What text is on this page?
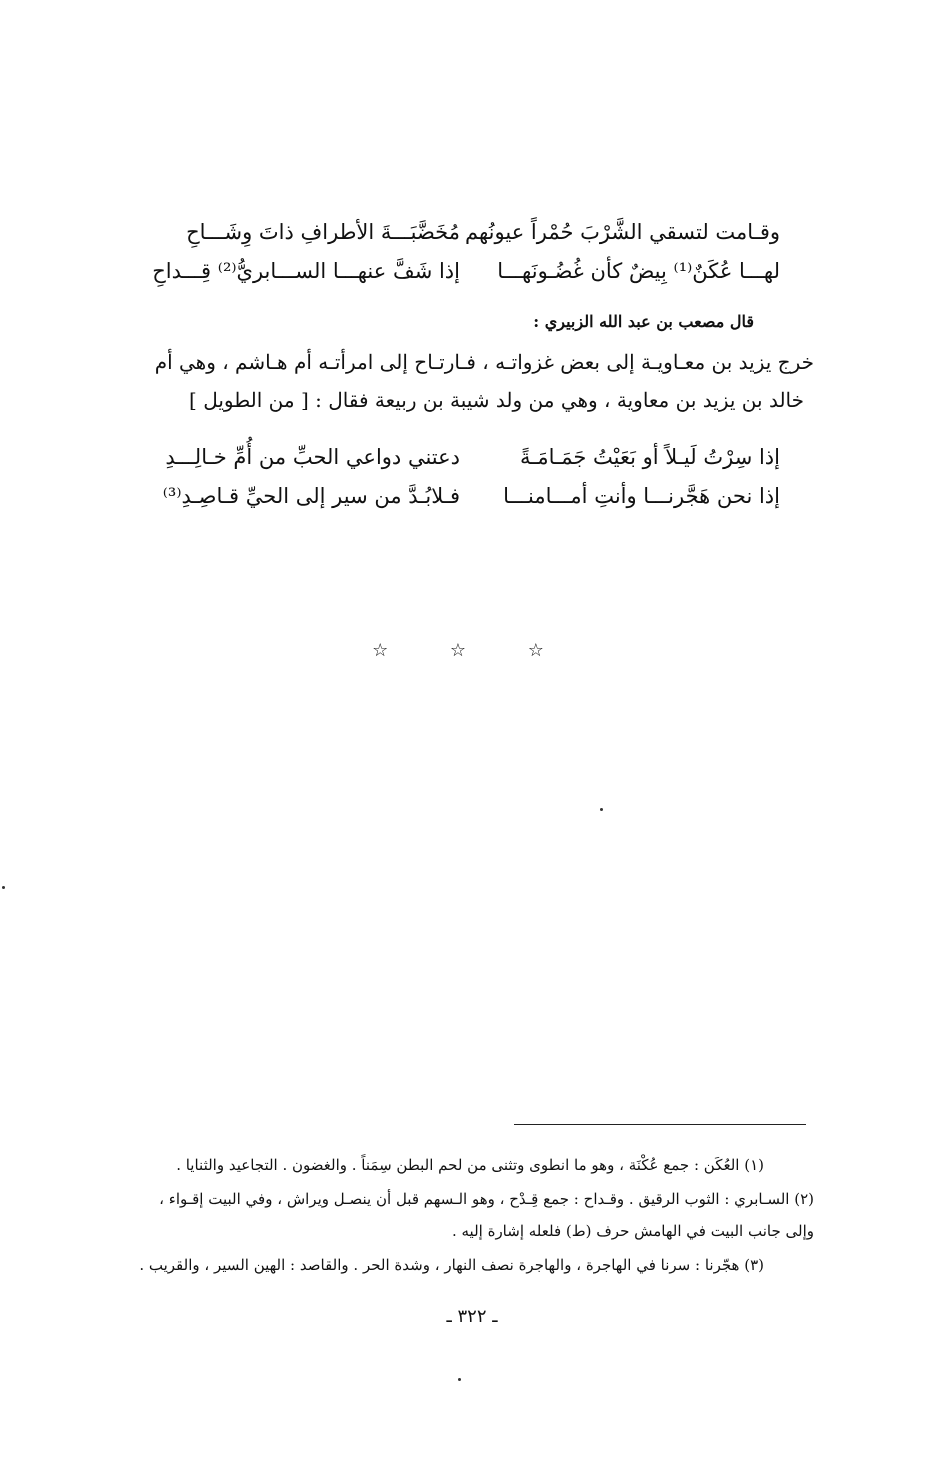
وقـامت لتسقي الشَّرْبَ حُمْراً عيونُهم
مُخَضَّبَـــةَ الأطرافِ ذاتَ وِشَـــاحِ
لهـــا عُكَنٌ⁽¹⁾ بِيضٌ كأن غُضُـونَهـــا
إذا شَفَّ عنهـــا الســـابريُّ⁽²⁾ قِـــداحِ
قال مصعب بن عبد الله الزبيري :
خرج يزيد بن معـاويـة إلى بعض غزواتـه ، فـارتـاح إلى امرأتـه أم هـاشم ، وهي أم
خالد بن يزيد بن معاوية ، وهي من ولد شيبة بن ربيعة فقال : [ من الطويل ]
إذا سِرْتُ لَيـلاً أو بَعَيْتُ جَمَـامَـةً
دعتني دواعي الحبِّ من أُمِّ خـالِـــدِ
إذا نحن هَجَّرنـــا وأنتِ أمـــامنـــا
فـلابُـدَّ من سير إلى الحيِّ قـاصِـدِ⁽³⁾
☆ ☆ ☆
(١) العُكَن : جمع عُكْنَة ، وهو ما انطوى وتثنى من لحم البطن سِمَناً . والغضون . التجاعيد والثنايا .
(٢) السـابري : الثوب الرقيق . وقـداح : جمع قِـدْح ، وهو الـسهم قبل أن ينصـل ويراش ، وفي البيت إقـواء ،
وإلى جانب البيت في الهامش حرف (ط) فلعله إشارة إليه .
(٣) هجّرنا : سرنا في الهاجرة ، والهاجرة نصف النهار ، وشدة الحر . والقاصد : الهين السير ، والقريب .
ـ ٣٢٢ ـ
